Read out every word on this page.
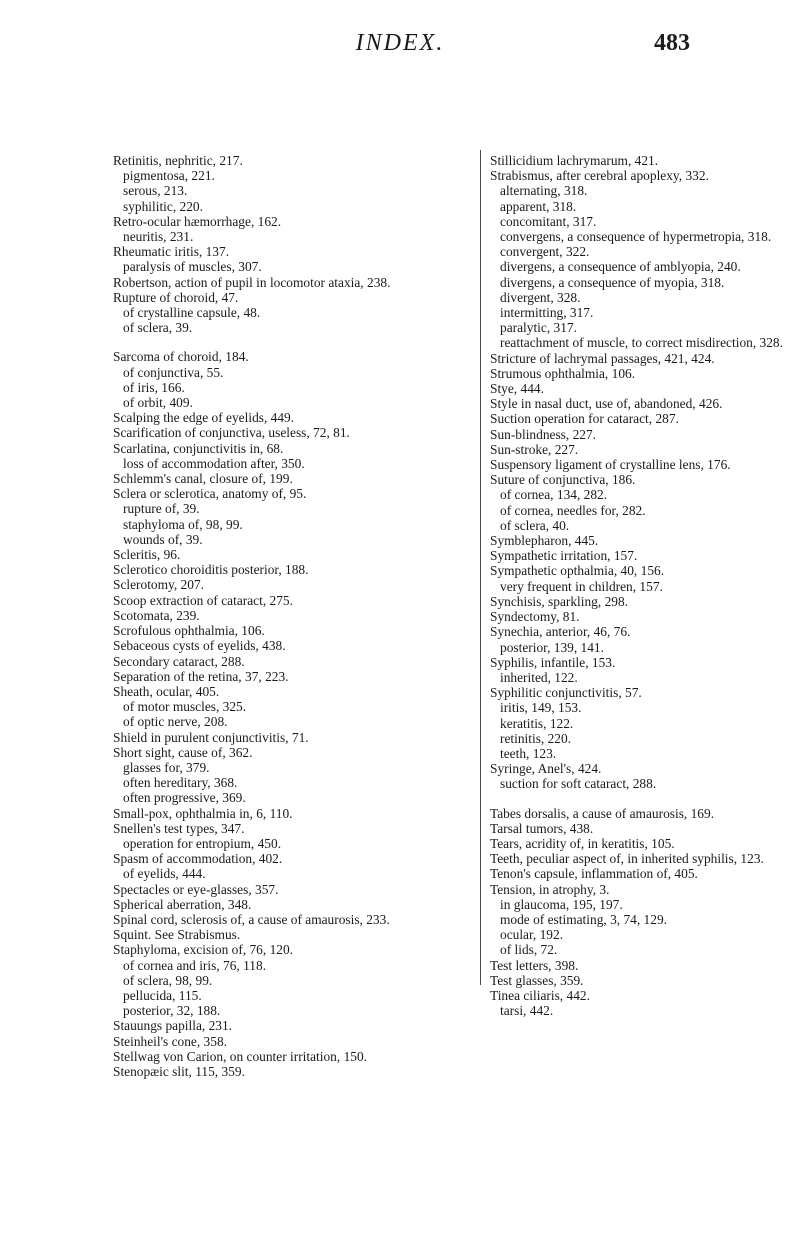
INDEX.	483
Retinitis, nephritic, 217.
pigmentosa, 221.
serous, 213.
syphilitic, 220.
Retro-ocular hæmorrhage, 162.
neuritis, 231.
Rheumatic iritis, 137.
paralysis of muscles, 307.
Robertson, action of pupil in locomotor ataxia, 238.
Rupture of choroid, 47.
of crystalline capsule, 48.
of sclera, 39.
Sarcoma of choroid, 184.
of conjunctiva, 55.
of iris, 166.
of orbit, 409.
Scalping the edge of eyelids, 449.
Scarification of conjunctiva, useless, 72, 81.
Scarlatina, conjunctivitis in, 68.
loss of accommodation after, 350.
Schlemm's canal, closure of, 199.
Sclera or sclerotica, anatomy of, 95.
rupture of, 39.
staphyloma of, 98, 99.
wounds of, 39.
Scleritis, 96.
Sclerotico choroiditis posterior, 188.
Sclerotomy, 207.
Scoop extraction of cataract, 275.
Scotomata, 239.
Scrofulous ophthalmia, 106.
Sebaceous cysts of eyelids, 438.
Secondary cataract, 288.
Separation of the retina, 37, 223.
Sheath, ocular, 405.
of motor muscles, 325.
of optic nerve, 208.
Shield in purulent conjunctivitis, 71.
Short sight, cause of, 362.
glasses for, 379.
often hereditary, 368.
often progressive, 369.
Small-pox, ophthalmia in, 6, 110.
Snellen's test types, 347.
operation for entropium, 450.
Spasm of accommodation, 402.
of eyelids, 444.
Spectacles or eye-glasses, 357.
Spherical aberration, 348.
Spinal cord, sclerosis of, a cause of amaurosis, 233.
Squint. See Strabismus.
Staphyloma, excision of, 76, 120.
of cornea and iris, 76, 118.
of sclera, 98, 99.
pellucida, 115.
posterior, 32, 188.
Stauungs papilla, 231.
Steinheil's cone, 358.
Stellwag von Carion, on counter irritation, 150.
Stenopæic slit, 115, 359.
Stillicidium lachrymarum, 421.
Strabismus, after cerebral apoplexy, 332.
alternating, 318.
apparent, 318.
concomitant, 317.
convergens, a consequence of hypermetropia, 318.
convergent, 322.
divergens, a consequence of amblyopia, 240.
divergens, a consequence of myopia, 318.
divergent, 328.
intermitting, 317.
paralytic, 317.
reattachment of muscle, to correct misdirection, 328.
Stricture of lachrymal passages, 421, 424.
Strumous ophthalmia, 106.
Stye, 444.
Style in nasal duct, use of, abandoned, 426.
Suction operation for cataract, 287.
Sun-blindness, 227.
Sun-stroke, 227.
Suspensory ligament of crystalline lens, 176.
Suture of conjunctiva, 186.
of cornea, 134, 282.
of cornea, needles for, 282.
of sclera, 40.
Symblepharon, 445.
Sympathetic irritation, 157.
Sympathetic opthalmia, 40, 156.
very frequent in children, 157.
Synchisis, sparkling, 298.
Syndectomy, 81.
Synechia, anterior, 46, 76.
posterior, 139, 141.
Syphilis, infantile, 153.
inherited, 122.
Syphilitic conjunctivitis, 57.
iritis, 149, 153.
keratitis, 122.
retinitis, 220.
teeth, 123.
Syringe, Anel's, 424.
suction for soft cataract, 288.
Tabes dorsalis, a cause of amaurosis, 169.
Tarsal tumors, 438.
Tears, acridity of, in keratitis, 105.
Teeth, peculiar aspect of, in inherited syphilis, 123.
Tenon's capsule, inflammation of, 405.
Tension, in atrophy, 3.
in glaucoma, 195, 197.
mode of estimating, 3, 74, 129.
ocular, 192.
of lids, 72.
Test letters, 398.
Test glasses, 359.
Tinea ciliaris, 442.
tarsi, 442.
